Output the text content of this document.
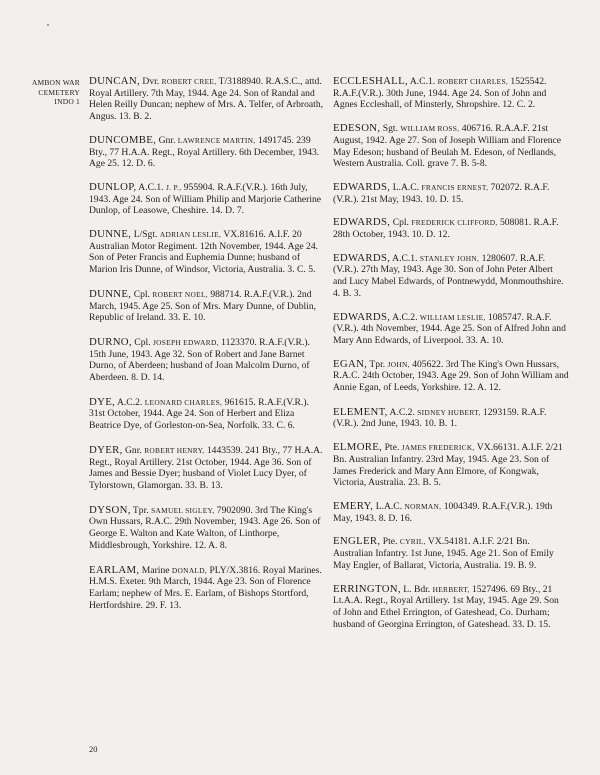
AMBON WAR
CEMETERY
INDO 1

DUNCAN, Dvr. ROBERT CREE, T/3188940. R.A.S.C., attd. Royal Artillery. 7th May, 1944. Age 24. Son of Randal and Helen Reilly Duncan; nephew of Mrs. A. Telfer, of Arbroath, Angus. 13. B. 2.

DUNCOMBE, Gnr. LAWRENCE MARTIN, 1491745. 239 Bty., 77 H.A.A. Regt., Royal Artillery. 6th December, 1943. Age 25. 12. D. 6.

DUNLOP, A.C.1. J. P., 955904. R.A.F.(V.R.). 16th July, 1943. Age 24. Son of William Philip and Marjorie Catherine Dunlop, of Leasowe, Cheshire. 14. D. 7.

DUNNE, L/Sgt. ADRIAN LESLIE, VX.81616. A.I.F. 20 Australian Motor Regiment. 12th November, 1944. Age 24. Son of Peter Francis and Euphemia Dunne; husband of Marion Iris Dunne, of Windsor, Victoria, Australia. 3. C. 5.

DUNNE, Cpl. ROBERT NOEL, 988714. R.A.F.(V.R.). 2nd March, 1945. Age 25. Son of Mrs. Mary Dunne, of Dublin, Republic of Ireland. 33. E. 10.

DURNO, Cpl. JOSEPH EDWARD, 1123370. R.A.F.(V.R.). 15th June, 1943. Age 32. Son of Robert and Jane Barnet Durno, of Aberdeen; husband of Joan Malcolm Durno, of Aberdeen. 8. D. 14.

DYE, A.C.2. LEONARD CHARLES, 961615. R.A.F.(V.R.). 31st October, 1944. Age 24. Son of Herbert and Eliza Beatrice Dye, of Gorleston-on-Sea, Norfolk. 33. C. 6.

DYER, Gnr. ROBERT HENRY, 1443539. 241 Bty., 77 H.A.A. Regt., Royal Artillery. 21st October, 1944. Age 36. Son of James and Bessie Dyer; husband of Violet Lucy Dyer, of Tylorstown, Glamorgan. 33. B. 13.

DYSON, Tpr. SAMUEL SIGLEY, 7902090. 3rd The King's Own Hussars, R.A.C. 29th November, 1943. Age 26. Son of George E. Walton and Kate Walton, of Linthorpe, Middlesbrough, Yorkshire. 12. A. 8.

EARLAM, Marine DONALD, PLY/X.3816. Royal Marines. H.M.S. Exeter. 9th March, 1944. Age 23. Son of Florence Earlam; nephew of Mrs. E. Earlam, of Bishops Stortford, Hertfordshire. 29. F. 13.

ECCLESHALL, A.C.1. ROBERT CHARLES, 1525542. R.A.F.(V.R.). 30th June, 1944. Age 24. Son of John and Agnes Eccleshall, of Minsterly, Shropshire. 12. C. 2.

EDESON, Sgt. WILLIAM ROSS, 406716. R.A.A.F. 21st August, 1942. Age 27. Son of Joseph William and Florence May Edeson; husband of Beulah M. Edeson, of Nedlands, Western Australia. Coll. grave 7. B. 5-8.

EDWARDS, L.A.C. FRANCIS ERNEST, 702072. R.A.F.(V.R.). 21st May, 1943. 10. D. 15.

EDWARDS, Cpl. FREDERICK CLIFFORD, 508081. R.A.F. 28th October, 1943. 10. D. 12.

EDWARDS, A.C.1. STANLEY JOHN, 1280607. R.A.F.(V.R.). 27th May, 1943. Age 30. Son of John Peter Albert and Lucy Mabel Edwards, of Pontnewydd, Monmouthshire. 4. B. 3.

EDWARDS, A.C.2. WILLIAM LESLIE, 1085747. R.A.F.(V.R.). 4th November, 1944. Age 25. Son of Alfred John and Mary Ann Edwards, of Liverpool. 33. A. 10.

EGAN, Tpr. JOHN, 405622. 3rd The King's Own Hussars, R.A.C. 24th October, 1943. Age 29. Son of John William and Annie Egan, of Leeds, Yorkshire. 12. A. 12.

ELEMENT, A.C.2. SIDNEY HUBERT, 1293159. R.A.F.(V.R.). 2nd June, 1943. 10. B. 1.

ELMORE, Pte. JAMES FREDERICK, VX.66131. A.I.F. 2/21 Bn. Australian Infantry. 23rd May, 1945. Age 23. Son of James Frederick and Mary Ann Elmore, of Kongwak, Victoria, Australia. 23. B. 5.

EMERY, L.A.C. NORMAN, 1004349. R.A.F.(V.R.). 19th May, 1943. 8. D. 16.

ENGLER, Pte. CYRIL, VX.54181. A.I.F. 2/21 Bn. Australian Infantry. 1st June, 1945. Age 21. Son of Emily May Engler, of Ballarat, Victoria, Australia. 19. B. 9.

ERRINGTON, L. Bdr. HERBERT, 1527496. 69 Bty., 21 Lt.A.A. Regt., Royal Artillery. 1st May, 1945. Age 29. Son of John and Ethel Errington, of Gateshead, Co. Durham; husband of Georgina Errington, of Gateshead. 33. D. 15.

20
